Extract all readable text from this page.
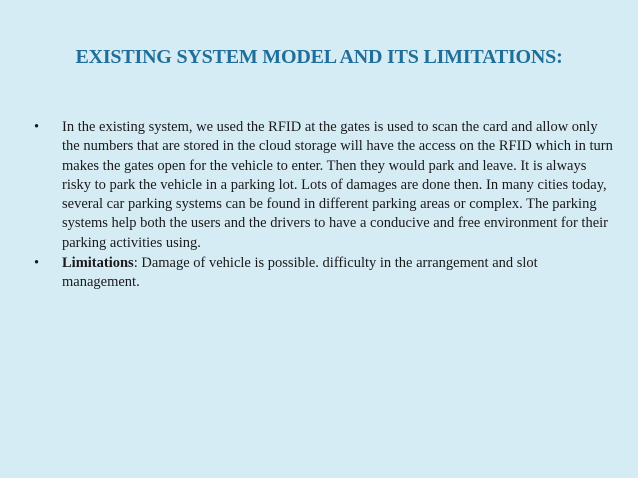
EXISTING SYSTEM MODEL AND ITS LIMITATIONS:
•	In the existing system, we used the RFID at the gates is used to scan the card and allow only the numbers that are stored in the cloud storage will have the access on the RFID which in turn makes the gates open for the vehicle to enter. Then they would park and leave. It is always risky to park the vehicle in a parking lot. Lots of damages are done then. In many cities today, several car parking systems can be found in different parking areas or complex. The parking systems help both the users and the drivers to have a conducive and free environment for their parking activities using.
•	Limitations: Damage of vehicle is possible. difficulty in the arrangement and slot management.
